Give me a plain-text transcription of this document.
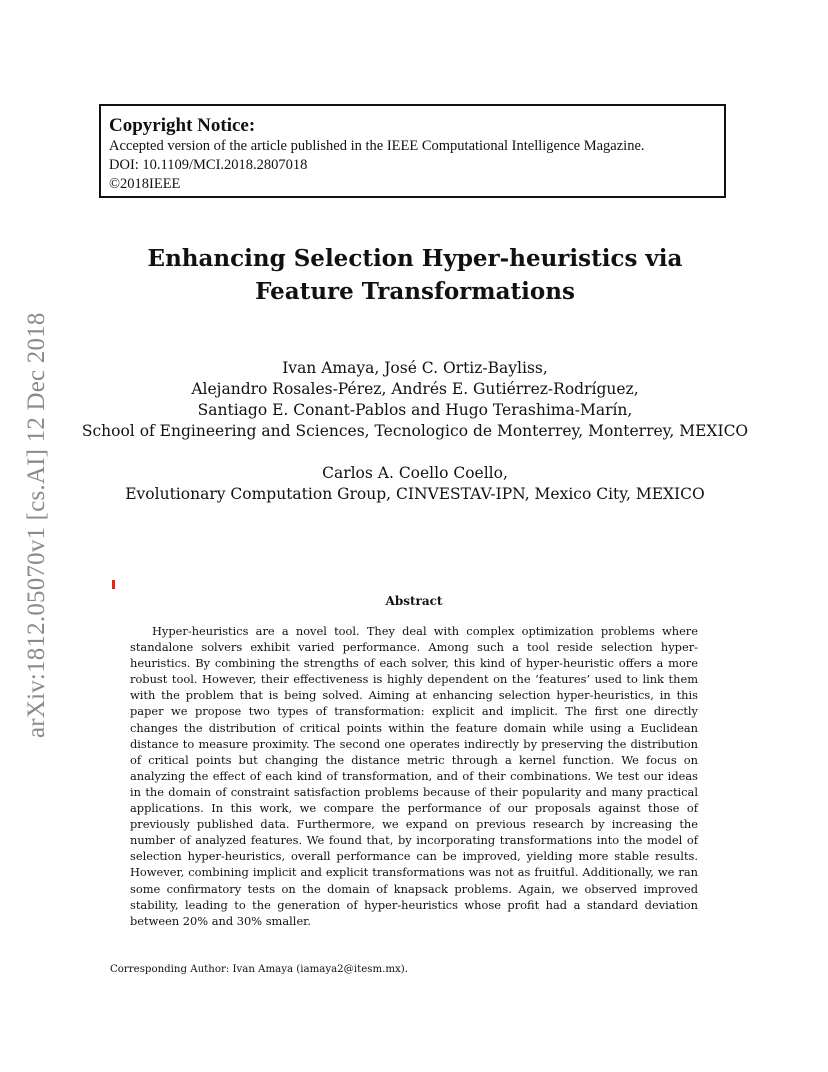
arXiv:1812.05070v1 [cs.AI] 12 Dec 2018
Copyright Notice:
Accepted version of the article published in the IEEE Computational Intelligence Magazine.
DOI: 10.1109/MCI.2018.2807018
©2018IEEE
Enhancing Selection Hyper-heuristics via
Feature Transformations
Ivan Amaya, José C. Ortiz-Bayliss,
Alejandro Rosales-Pérez, Andrés E. Gutiérrez-Rodríguez,
Santiago E. Conant-Pablos and Hugo Terashima-Marín,
School of Engineering and Sciences, Tecnologico de Monterrey, Monterrey, MEXICO
Carlos A. Coello Coello,
Evolutionary Computation Group, CINVESTAV-IPN, Mexico City, MEXICO
Abstract
Hyper-heuristics are a novel tool. They deal with complex optimization problems where standalone solvers exhibit varied performance. Among such a tool reside selection hyper-heuristics. By combining the strengths of each solver, this kind of hyper-heuristic offers a more robust tool. However, their effectiveness is highly dependent on the ‘features’ used to link them with the problem that is being solved. Aiming at enhancing selection hyper-heuristics, in this paper we propose two types of transformation: explicit and implicit. The first one directly changes the distribution of critical points within the feature domain while using a Euclidean distance to measure proximity. The second one operates indirectly by preserving the distribution of critical points but changing the distance metric through a kernel function. We focus on analyzing the effect of each kind of transformation, and of their combinations. We test our ideas in the domain of constraint satisfaction problems because of their popularity and many practical applications. In this work, we compare the performance of our proposals against those of previously published data. Furthermore, we expand on previous research by increasing the number of analyzed features. We found that, by incorporating transformations into the model of selection hyper-heuristics, overall performance can be improved, yielding more stable results. However, combining implicit and explicit transformations was not as fruitful. Additionally, we ran some confirmatory tests on the domain of knapsack problems. Again, we observed improved stability, leading to the generation of hyper-heuristics whose profit had a standard deviation between 20% and 30% smaller.
Corresponding Author: Ivan Amaya (iamaya2@itesm.mx).
